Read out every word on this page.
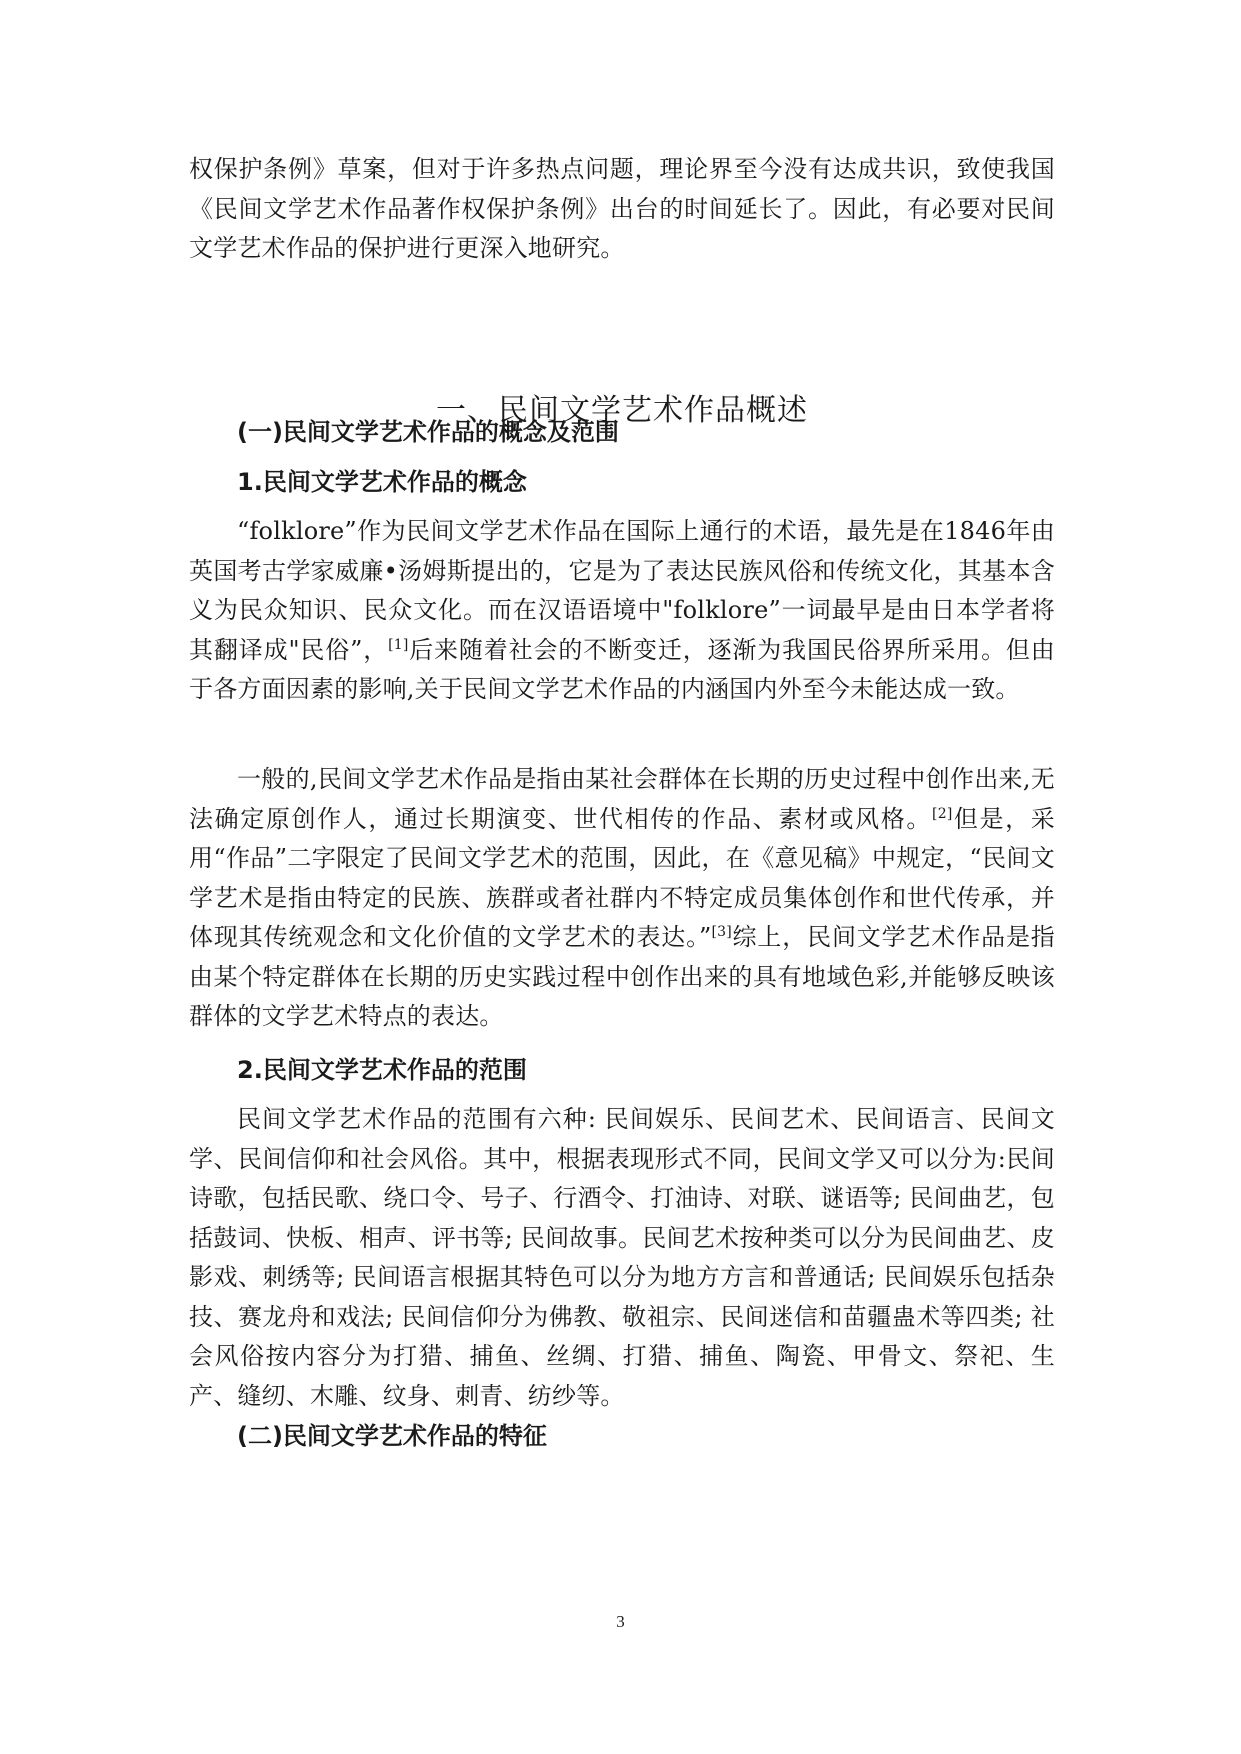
权保护条例》草案，但对于许多热点问题，理论界至今没有达成共识，致使我国《民间文学艺术作品著作权保护条例》出台的时间延长了。因此，有必要对民间文学艺术作品的保护进行更深入地研究。

一、民间文学艺术作品概述
(一)民间文学艺术作品的概念及范围
1.民间文学艺术作品的概念

“folklore”作为民间文学艺术作品在国际上通行的术语，最先是在1846年由英国考古学家威廉•汤姆斯提出的，它是为了表达民族风俗和传统文化，其基本含义为民众知识、民众文化。而在汉语语境中"folklore”一词最早是由日本学者将其翻译成"民俗”，[1]后来随着社会的不断变迁，逐渐为我国民俗界所采用。但由于各方面因素的影响,关于民间文学艺术作品的内涵国内外至今未能达成一致。

一般的,民间文学艺术作品是指由某社会群体在长期的历史过程中创作出来,无法确定原创作人，通过长期演变、世代相传的作品、素材或风格。[2]但是，采用“作品”二字限定了民间文学艺术的范围，因此，在《意见稿》中规定，“民间文学艺术是指由特定的民族、族群或者社群内不特定成员集体创作和世代传承，并体现其传统观念和文化价值的文学艺术的表达。”[3]综上，民间文学艺术作品是指由某个特定群体在长期的历史实践过程中创作出来的具有地域色彩,并能够反映该群体的文学艺术特点的表达。

2.民间文学艺术作品的范围

民间文学艺术作品的范围有六种: 民间娱乐、民间艺术、民间语言、民间文学、民间信仰和社会风俗。其中，根据表现形式不同，民间文学又可以分为:民间诗歌，包括民歌、绕口令、号子、行酒令、打油诗、对联、谜语等; 民间曲艺，包括鼓词、快板、相声、评书等; 民间故事。民间艺术按种类可以分为民间曲艺、皮影戏、刺绣等; 民间语言根据其特色可以分为地方方言和普通话; 民间娱乐包括杂技、赛龙舟和戏法; 民间信仰分为佛教、敬祖宗、民间迷信和苗疆蛊术等四类; 社会风俗按内容分为打猎、捕鱼、丝绸、打猎、捕鱼、陶瓷、甲骨文、祭祀、生产、缝纫、木雕、纹身、刺青、纺纱等。

(二)民间文学艺术作品的特征
3
